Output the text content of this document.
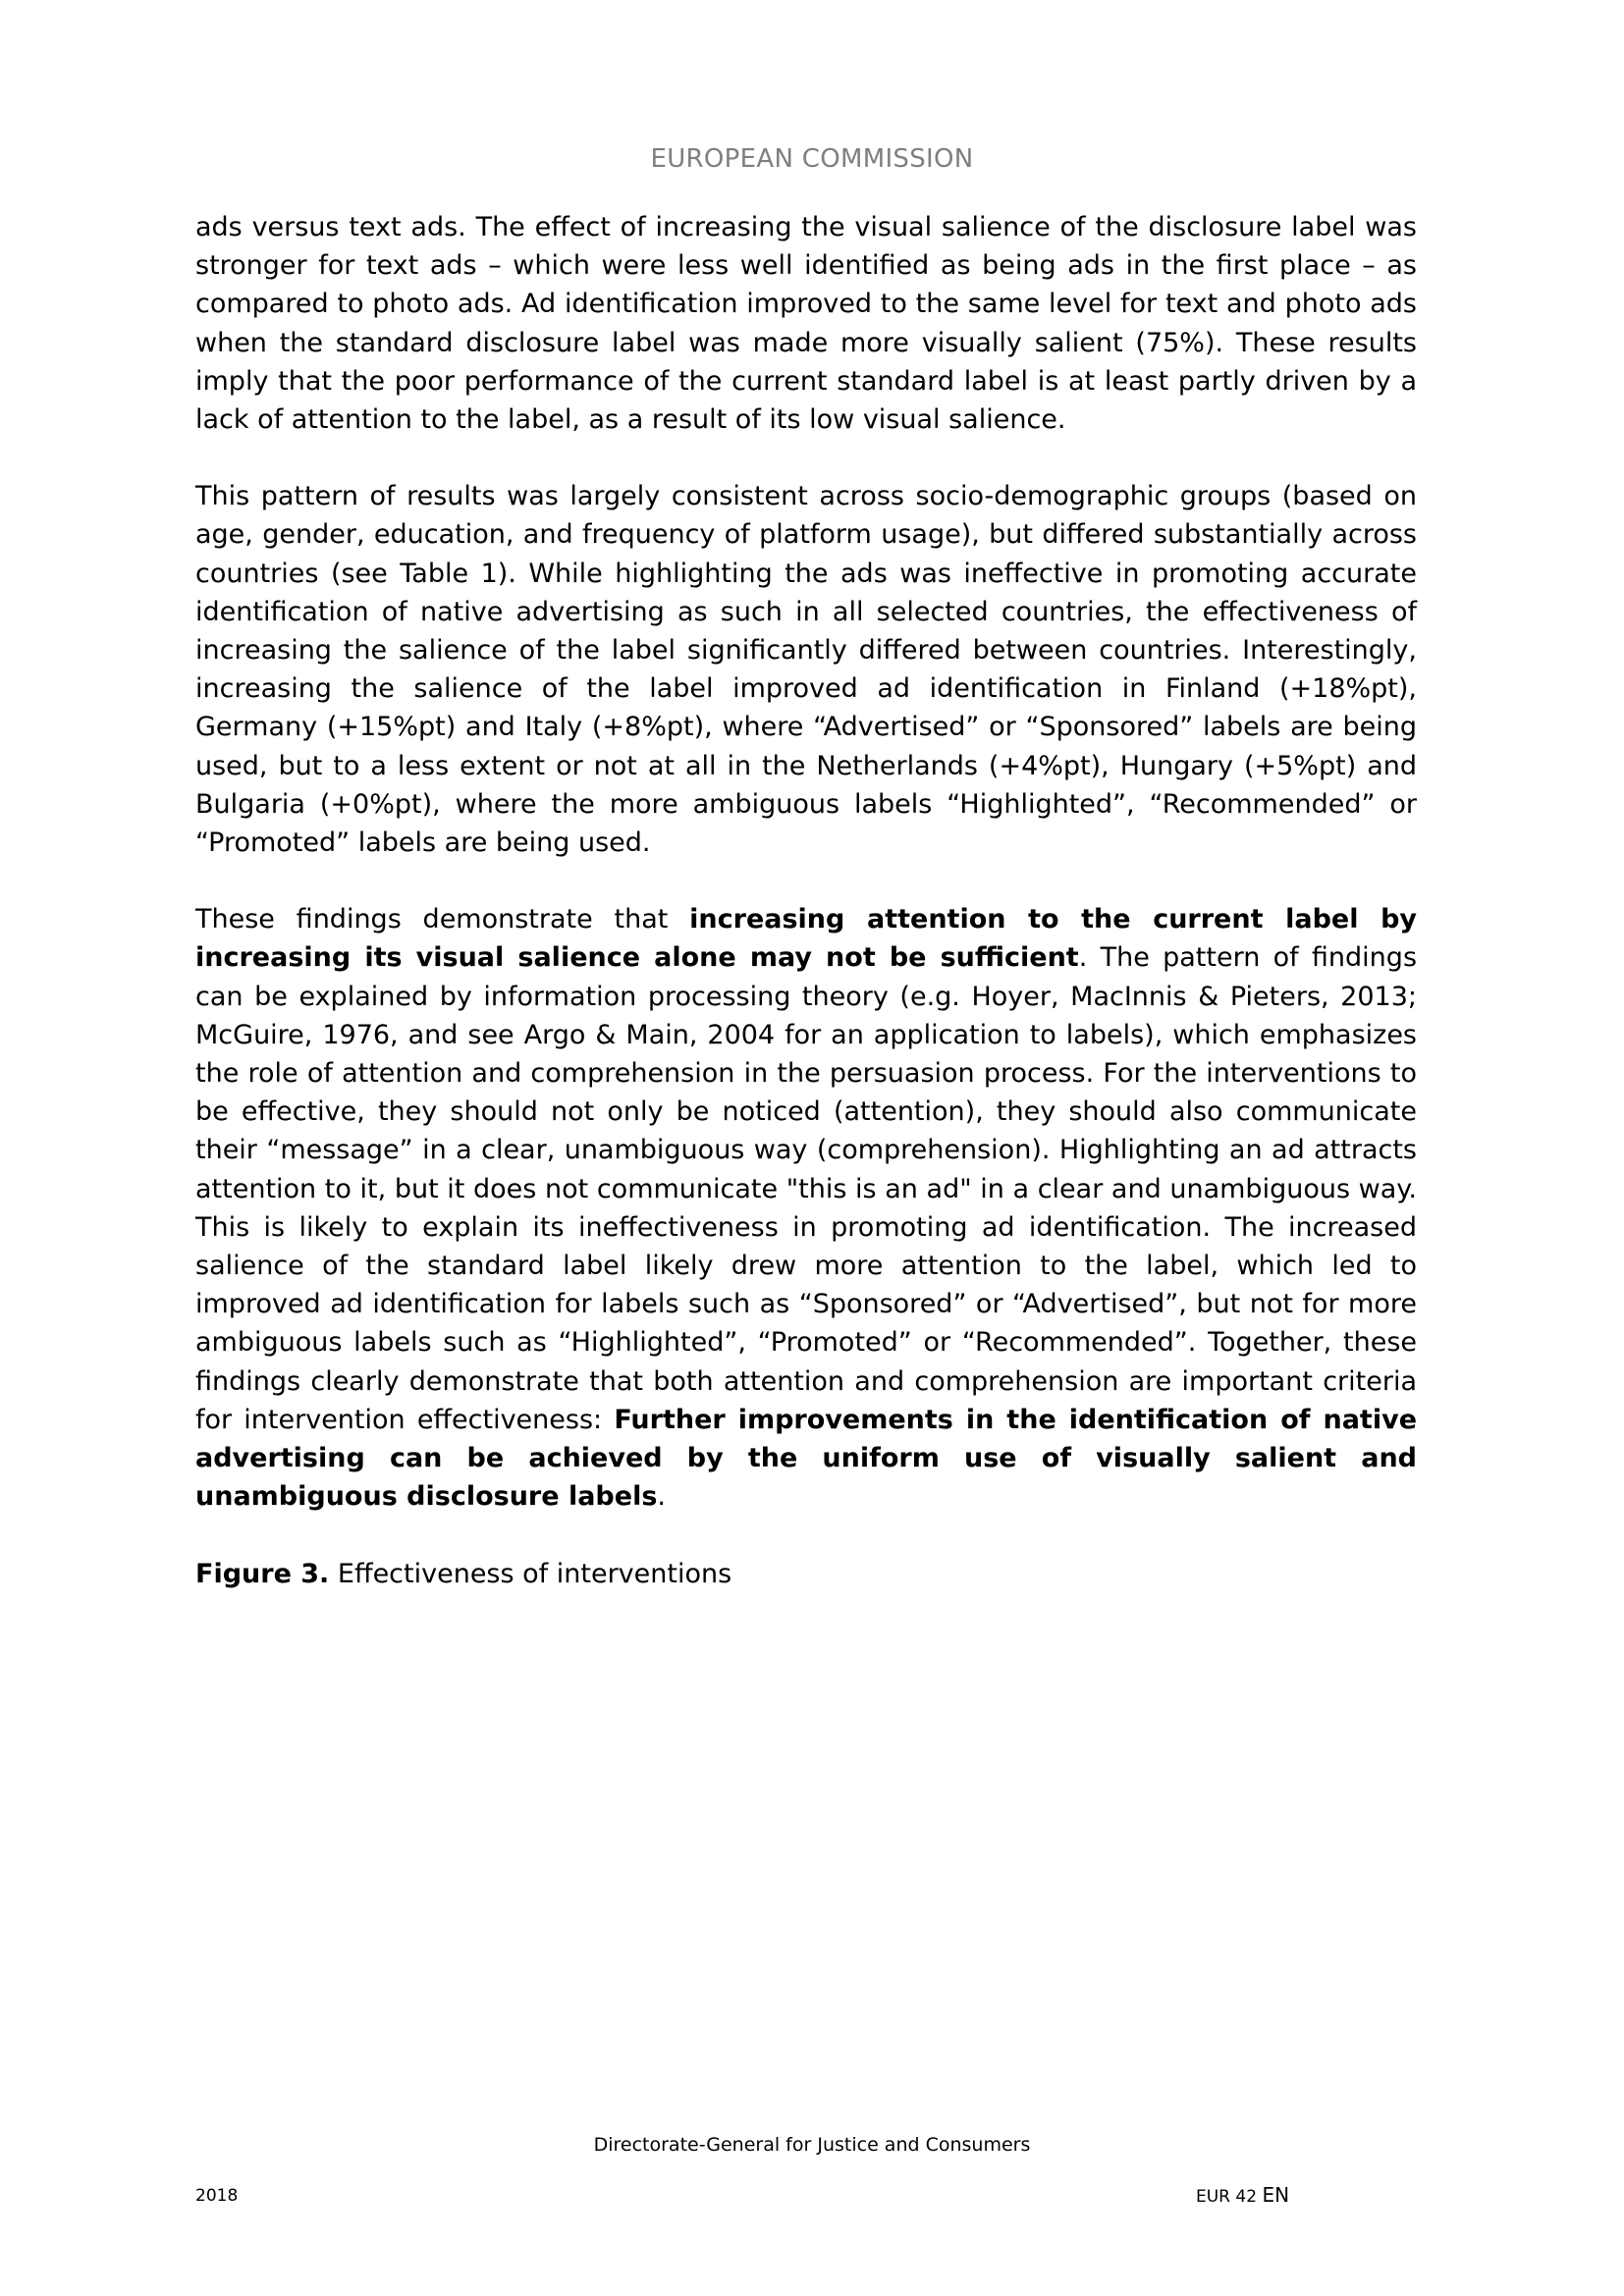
EUROPEAN COMMISSION

ads versus text ads. The effect of increasing the visual salience of the disclosure label was stronger for text ads – which were less well identified as being ads in the first place – as compared to photo ads. Ad identification improved to the same level for text and photo ads when the standard disclosure label was made more visually salient (75%). These results imply that the poor performance of the current standard label is at least partly driven by a lack of attention to the label, as a result of its low visual salience.

This pattern of results was largely consistent across socio-demographic groups (based on age, gender, education, and frequency of platform usage), but differed substantially across countries (see Table 1). While highlighting the ads was ineffective in promoting accurate identification of native advertising as such in all selected countries, the effectiveness of increasing the salience of the label significantly differed between countries. Interestingly, increasing the salience of the label improved ad identification in Finland (+18%pt), Germany (+15%pt) and Italy (+8%pt), where “Advertised” or “Sponsored” labels are being used, but to a less extent or not at all in the Netherlands (+4%pt), Hungary (+5%pt) and Bulgaria (+0%pt), where the more ambiguous labels “Highlighted”, “Recommended” or “Promoted” labels are being used.

These findings demonstrate that increasing attention to the current label by increasing its visual salience alone may not be sufficient. The pattern of findings can be explained by information processing theory (e.g. Hoyer, MacInnis & Pieters, 2013; McGuire, 1976, and see Argo & Main, 2004 for an application to labels), which emphasizes the role of attention and comprehension in the persuasion process. For the interventions to be effective, they should not only be noticed (attention), they should also communicate their “message” in a clear, unambiguous way (comprehension). Highlighting an ad attracts attention to it, but it does not communicate "this is an ad" in a clear and unambiguous way. This is likely to explain its ineffectiveness in promoting ad identification. The increased salience of the standard label likely drew more attention to the label, which led to improved ad identification for labels such as “Sponsored” or “Advertised”, but not for more ambiguous labels such as “Highlighted”, “Promoted” or “Recommended”. Together, these findings clearly demonstrate that both attention and comprehension are important criteria for intervention effectiveness: Further improvements in the identification of native advertising can be achieved by the uniform use of visually salient and unambiguous disclosure labels.

Figure 3. Effectiveness of interventions

Directorate-General for Justice and Consumers
2018	EUR 42 EN
